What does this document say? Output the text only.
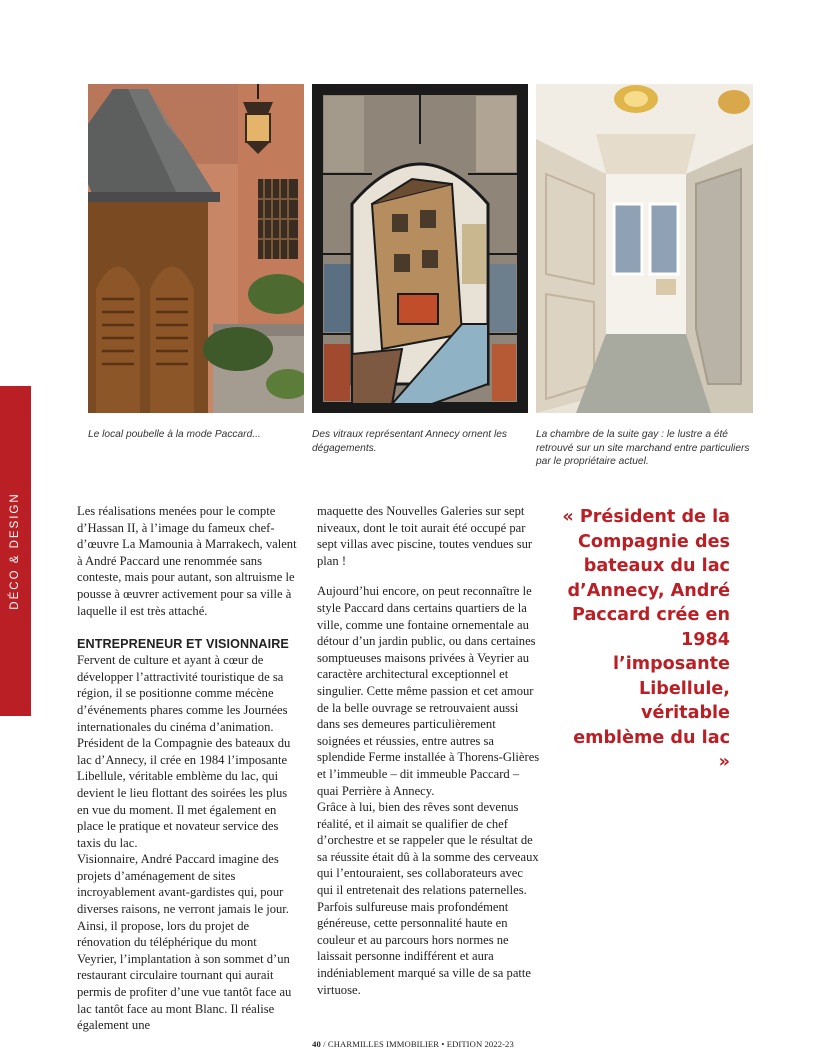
DÉCO & DESIGN
Le local poubelle à la mode Paccard...	Des vitraux représentant Annecy ornent les dégagements.
La chambre de la suite gay : le lustre a été retrouvé sur un site marchand entre particuliers par le propriétaire actuel.

Les réalisations menées pour le compte d’Hassan II, à l’image du fameux chef-d’œuvre La Mamounia à Marrakech, valent à André Paccard une renommée sans conteste, mais pour autant, son altruisme le pousse à œuvrer activement pour sa ville à laquelle il est très attaché.

ENTREPRENEUR ET VISIONNAIRE

Fervent de culture et ayant à cœur de développer l’attractivité touristique de sa région, il se positionne comme mécène d’événements phares comme les Journées internationales du cinéma d’animation.

Président de la Compagnie des bateaux du lac d’Annecy, il crée en 1984 l’imposante Libellule, véritable emblème du lac, qui devient le lieu flottant des soirées les plus en vue du moment. Il met également en place le pratique et novateur service des taxis du lac.

Visionnaire, André Paccard imagine des projets d’aménagement de sites incroyablement avant-gardistes qui, pour diverses raisons, ne verront jamais le jour. Ainsi, il propose, lors du projet de rénovation du téléphérique du mont Veyrier, l’implantation à son sommet d’un restaurant circulaire tournant qui aurait permis de profiter d’une vue tantôt face au lac tantôt face au mont Blanc. Il réalise également une

maquette des Nouvelles Galeries sur sept niveaux, dont le toit aurait été occupé par sept villas avec piscine, toutes vendues sur plan !

Aujourd’hui encore, on peut reconnaître le style Paccard dans certains quartiers de la ville, comme une fontaine ornementale au détour d’un jardin public, ou dans certaines somptueuses maisons privées à Veyrier au caractère architectural exceptionnel et singulier. Cette même passion et cet amour de la belle ouvrage se retrouvaient aussi dans ses demeures particulièrement soignées et réussies, entre autres sa splendide Ferme installée à Thorens-Glières et l’immeuble – dit immeuble Paccard – quai Perrière à Annecy.

Grâce à lui, bien des rêves sont devenus réalité, et il aimait se qualifier de chef d’orchestre et se rappeler que le résultat de sa réussite était dû à la somme des cerveaux qui l’entouraient, ses collaborateurs avec qui il entretenait des relations paternelles.

Parfois sulfureuse mais profondément généreuse, cette personnalité haute en couleur et au parcours hors normes ne laissait personne indifférent et aura indéniablement marqué sa ville de sa patte virtuose.

« Président de la Compagnie des bateaux du lac d’Annecy, André Paccard crée en 1984 l’imposante Libellule, véritable emblème du lac »
40 / CHARMILLES IMMOBILIER • EDITION 2022-23
